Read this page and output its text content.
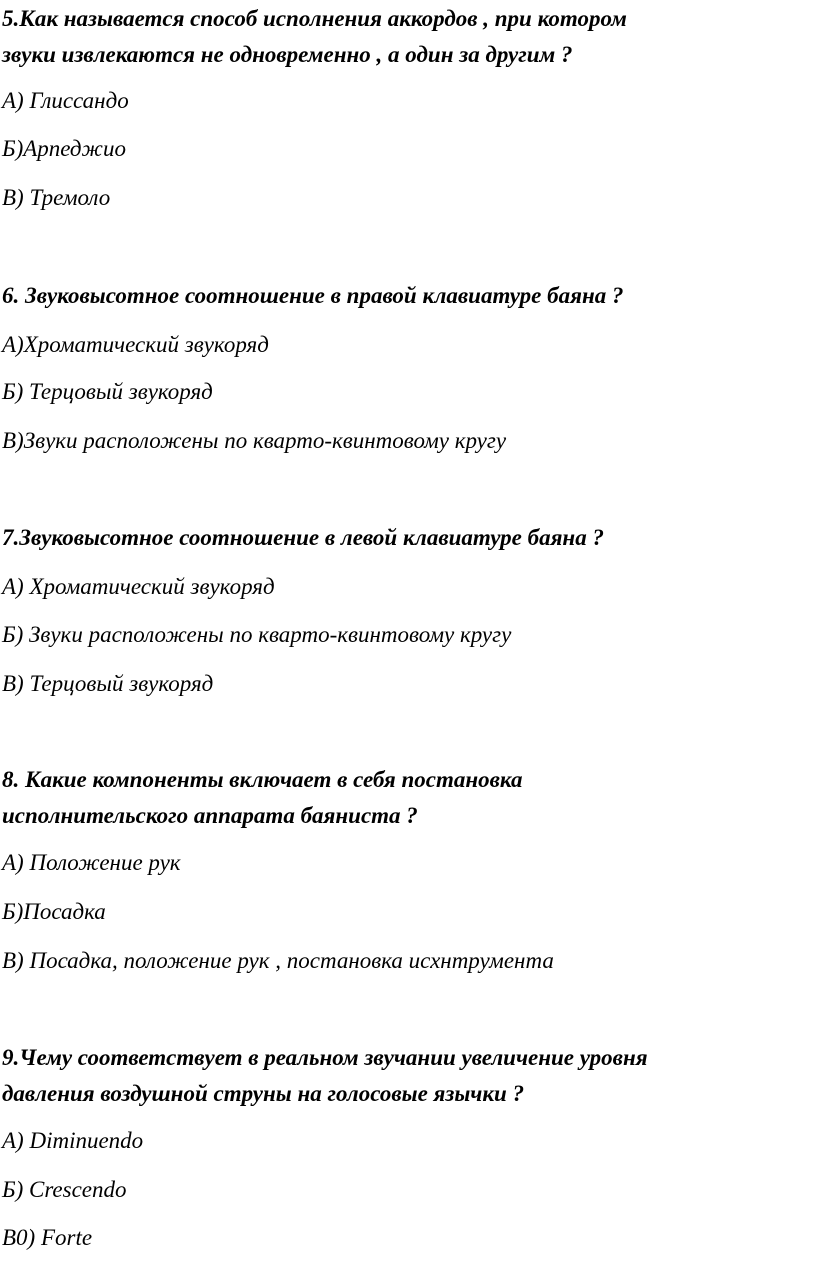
5.Как называется способ исполнения аккордов , при котором
звуки извлекаются не одновременно , а один за другим ?
А) Глиссандо
Б)Арпеджио
В) Тремоло
6. Звуковысотное соотношение в правой клавиатуре баяна ?
А)Хроматический звукоряд
Б) Терцовый звукоряд
В)Звуки расположены по кварто-квинтовому кругу
7.Звуковысотное соотношение в левой клавиатуре баяна ?
А) Хроматический звукоряд
Б) Звуки расположены по кварто-квинтовому кругу
В) Терцовый звукоряд
8. Какие компоненты включает в себя постановка
исполнительского аппарата баяниста ?
А) Положение рук
Б)Посадка
В) Посадка, положение рук , постановка исхнтрумента
9.Чему соответствует в реальном звучании увеличение уровня
давления воздушной струны на голосовые язычки ?
А) Diminuendo
Б) Crescendo
В0) Forte
